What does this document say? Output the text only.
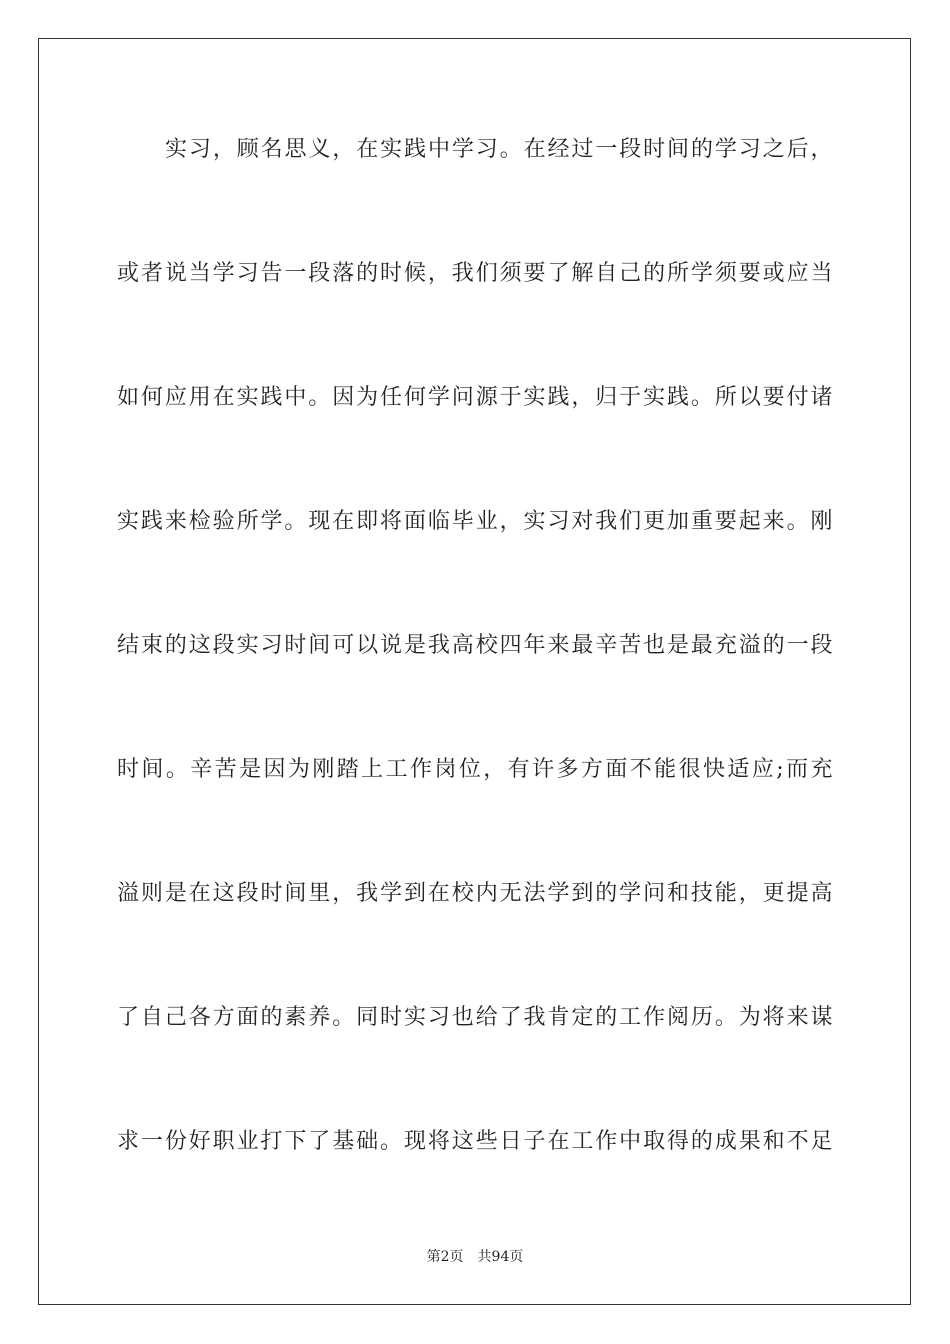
实习，顾名思义，在实践中学习。在经过一段时间的学习之后，
或者说当学习告一段落的时候，我们须要了解自己的所学须要或应当
如何应用在实践中。因为任何学问源于实践，归于实践。所以要付诸
实践来检验所学。现在即将面临毕业，实习对我们更加重要起来。刚
结束的这段实习时间可以说是我高校四年来最辛苦也是最充溢的一段
时间。辛苦是因为刚踏上工作岗位，有许多方面不能很快适应;而充
溢则是在这段时间里，我学到在校内无法学到的学问和技能，更提高
了自己各方面的素养。同时实习也给了我肯定的工作阅历。为将来谋
求一份好职业打下了基础。现将这些日子在工作中取得的成果和不足
第2页 共94页
